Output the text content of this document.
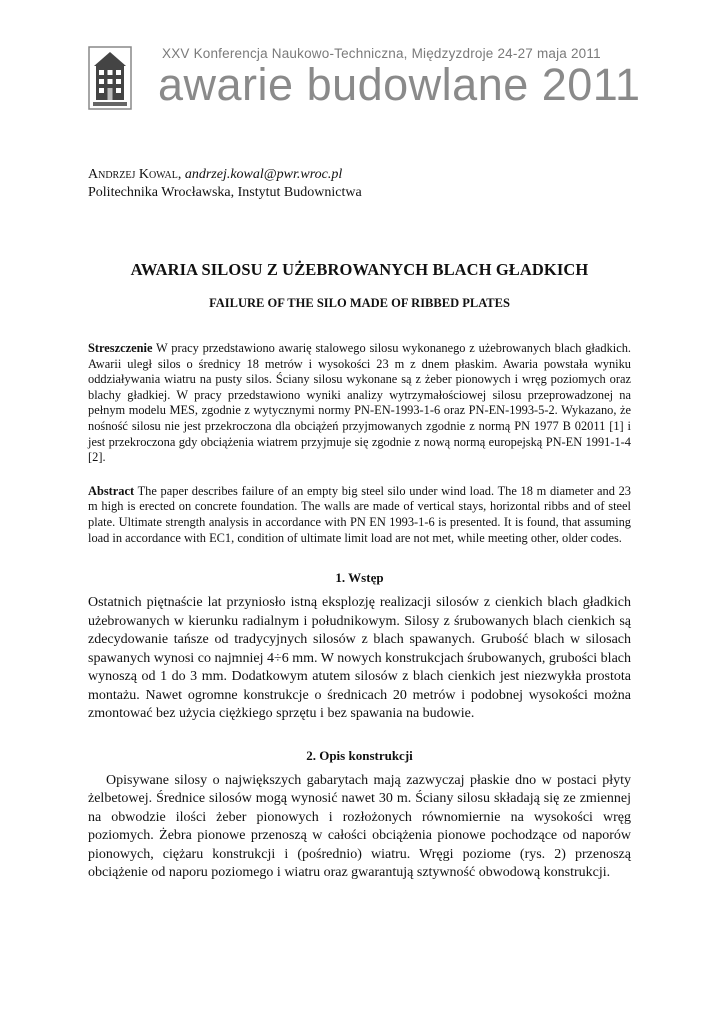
XXV Konferencja Naukowo-Techniczna, Międzyzdroje 24-27 maja 2011
awarie budowlane 2011
Andrzej Kowal, andrzej.kowal@pwr.wroc.pl
Politechnika Wrocławska, Instytut Budownictwa
AWARIA SILOSU Z UŻEBROWANYCH BLACH GŁADKICH
FAILURE OF THE SILO MADE OF RIBBED PLATES
Streszczenie W pracy przedstawiono awarię stalowego silosu wykonanego z użebrowanych blach gładkich. Awarii uległ silos o średnicy 18 metrów i wysokości 23 m z dnem płaskim. Awaria powstała wyniku oddziaływania wiatru na pusty silos. Ściany silosu wykonane są z żeber pionowych i wręg poziomych oraz blachy gładkiej. W pracy przedstawiono wyniki analizy wytrzymałościowej silosu przeprowadzonej na pełnym modelu MES, zgodnie z wytycznymi normy PN-EN-1993-1-6 oraz PN-EN-1993-5-2. Wykazano, że nośność silosu nie jest przekroczona dla obciążeń przyjmowanych zgodnie z normą PN 1977 B 02011 [1] i jest przekroczona gdy obciążenia wiatrem przyjmuje się zgodnie z nową normą europejską PN-EN 1991-1-4 [2].
Abstract The paper describes failure of an empty big steel silo under wind load. The 18 m diameter and 23 m high is erected on concrete foundation. The walls are made of vertical stays, horizontal ribbs and of steel plate. Ultimate strength analysis in accordance with PN EN 1993-1-6 is presented. It is found, that assuming load in accordance with EC1, condition of ultimate limit load are not met, while meeting other, older codes.
1. Wstęp
Ostatnich piętnaście lat przyniosło istną eksplozję realizacji silosów z cienkich blach gładkich użebrowanych w kierunku radialnym i południkowym. Silosy z śrubowanych blach cienkich są zdecydowanie tańsze od tradycyjnych silosów z blach spawanych. Grubość blach w silosach spawanych wynosi co najmniej 4÷6 mm. W nowych konstrukcjach śrubowanych, grubości blach wynoszą od 1 do 3 mm. Dodatkowym atutem silosów z blach cienkich jest niezwykła prostota montażu. Nawet ogromne konstrukcje o średnicach 20 metrów i podobnej wysokości można zmontować bez użycia ciężkiego sprzętu i bez spawania na budowie.
2. Opis konstrukcji
Opisywane silosy o największych gabarytach mają zazwyczaj płaskie dno w postaci płyty żelbetowej. Średnice silosów mogą wynosić nawet 30 m. Ściany silosu składają się ze zmiennej na obwodzie ilości żeber pionowych i rozłożonych równomiernie na wysokości wręg poziomych. Żebra pionowe przenoszą w całości obciążenia pionowe pochodzące od naporów pionowych, ciężaru konstrukcji i (pośrednio) wiatru. Wręgi poziome (rys. 2) przenoszą obciążenie od naporu poziomego i wiatru oraz gwarantują sztywność obwodową konstrukcji.
